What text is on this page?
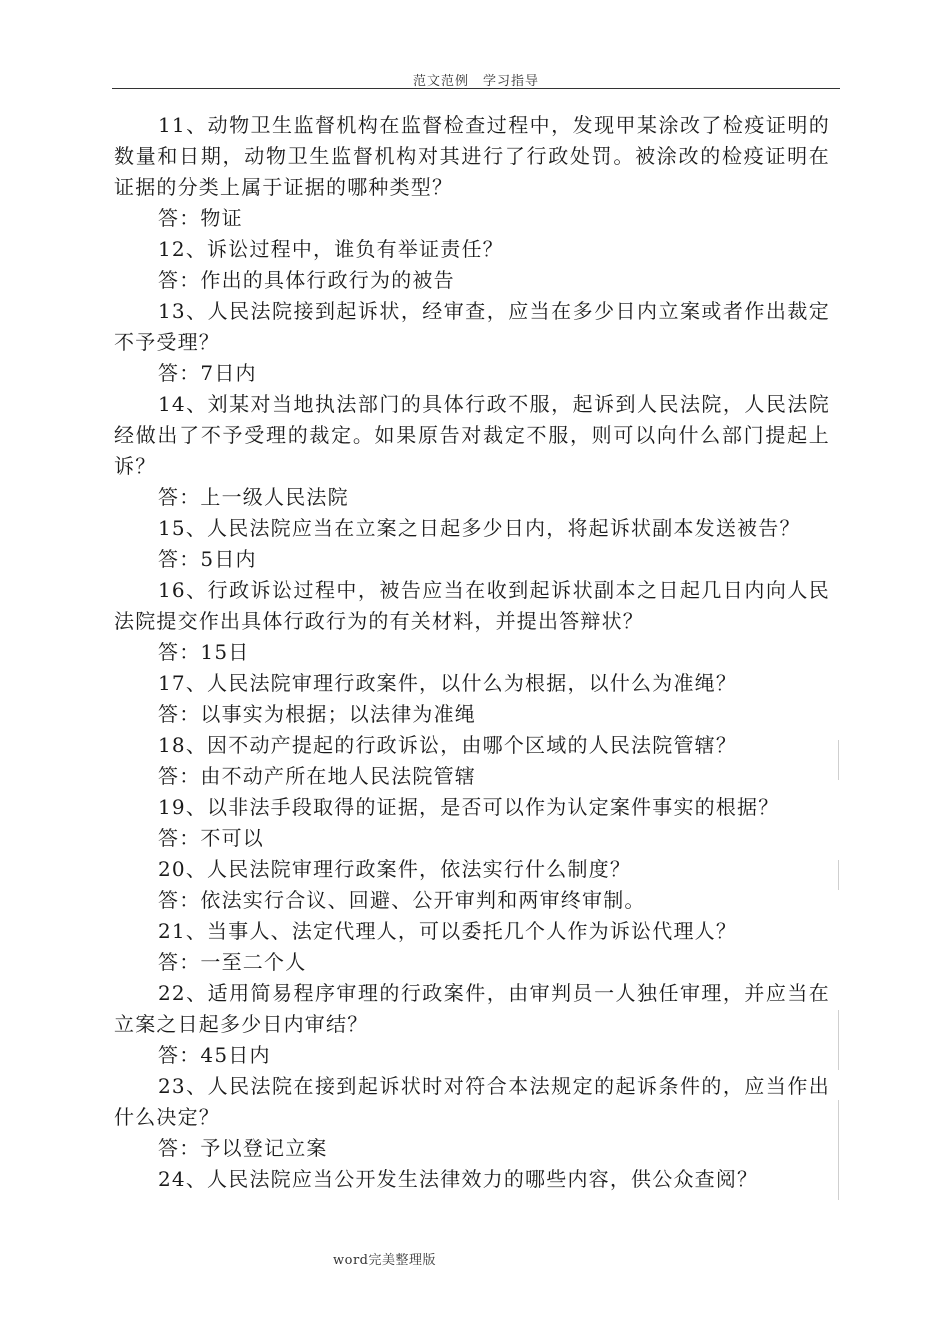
范文范例　学习指导

11、动物卫生监督机构在监督检查过程中，发现甲某涂改了检疫证明的数量和日期，动物卫生监督机构对其进行了行政处罚。被涂改的检疫证明在证据的分类上属于证据的哪种类型？

答：物证

12、诉讼过程中，谁负有举证责任？

答：作出的具体行政行为的被告

13、人民法院接到起诉状，经审查，应当在多少日内立案或者作出裁定不予受理？

答：7日内

14、刘某对当地执法部门的具体行政不服，起诉到人民法院，人民法院经做出了不予受理的裁定。如果原告对裁定不服，则可以向什么部门提起上诉？

答：上一级人民法院

15、人民法院应当在立案之日起多少日内，将起诉状副本发送被告？

答：5日内

16、行政诉讼过程中，被告应当在收到起诉状副本之日起几日内向人民法院提交作出具体行政行为的有关材料，并提出答辩状？

答：15日

17、人民法院审理行政案件，以什么为根据，以什么为准绳？

答：以事实为根据；以法律为准绳

18、因不动产提起的行政诉讼，由哪个区域的人民法院管辖？

答：由不动产所在地人民法院管辖

19、以非法手段取得的证据，是否可以作为认定案件事实的根据？

答：不可以

20、人民法院审理行政案件，依法实行什么制度？

答：依法实行合议、回避、公开审判和两审终审制。

21、当事人、法定代理人，可以委托几个人作为诉讼代理人？

答：一至二个人

22、适用简易程序审理的行政案件，由审判员一人独任审理，并应当在立案之日起多少日内审结？

答：45日内

23、人民法院在接到起诉状时对符合本法规定的起诉条件的，应当作出什么决定？

答：予以登记立案

24、人民法院应当公开发生法律效力的哪些内容，供公众查阅？

word完美整理版
